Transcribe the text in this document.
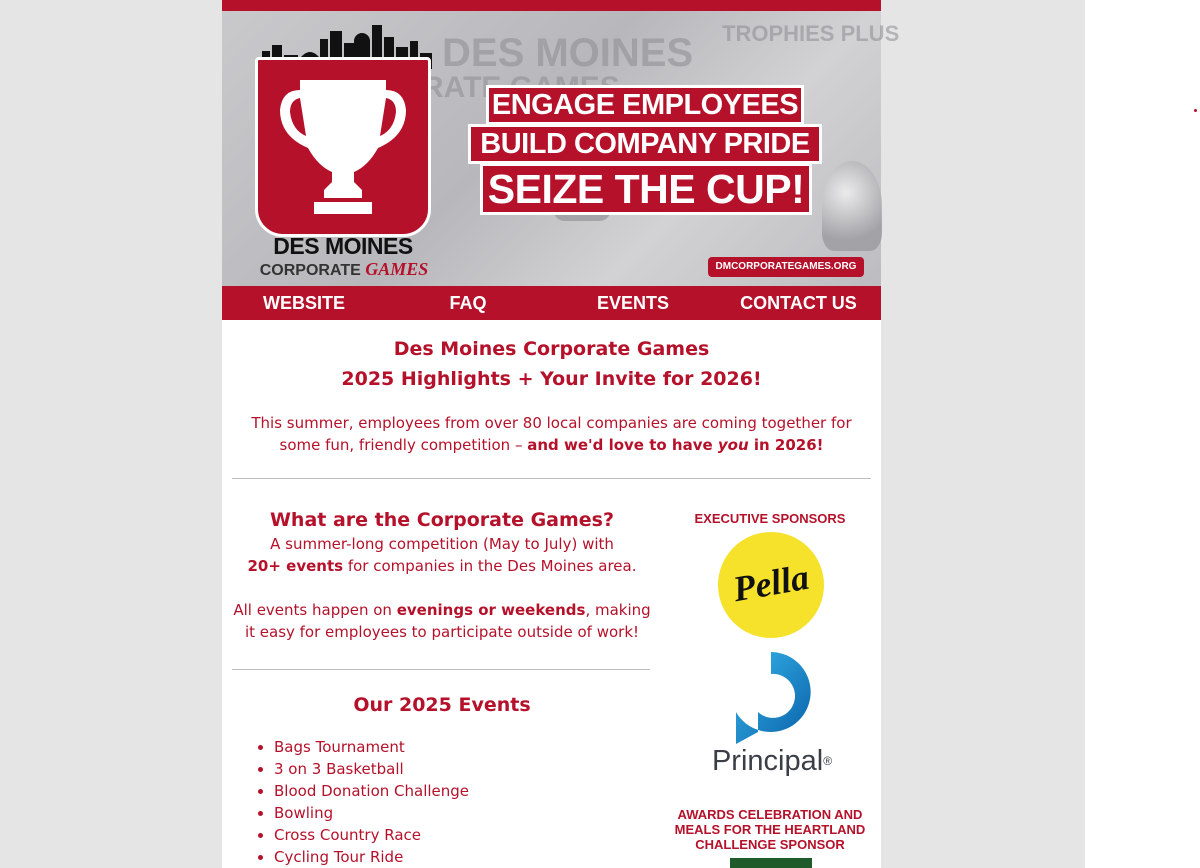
DES MOINES
RATE
TROPHIES PLUS
DES MOINES
CORPORATE GAMES
ENGAGE EMPLOYEES
BUILD COMPANY PRIDE
SEIZE THE CUP!
DMCORPORATEGAMES.ORG
WEBSITE	FAQ	EVENTS	CONTACT US
Des Moines Corporate Games
2025 Highlights + Your Invite for 2026!
This summer, employees from over 80 local companies are coming together for some fun, friendly competition – and we'd love to have you in 2026!
What are the Corporate Games?
A summer-long competition (May to July) with
20+ events for companies in the Des Moines area.
All events happen on evenings or weekends, making it easy for employees to participate outside of work!
Our 2025 Events
• Bags Tournament
• 3 on 3 Basketball
• Blood Donation Challenge
• Bowling
• Cross Country Race
• Cycling Tour Ride
EXECUTIVE SPONSORS
Pella
Principal®
AWARDS CELEBRATION AND MEALS FOR THE HEARTLAND CHALLENGE SPONSOR
